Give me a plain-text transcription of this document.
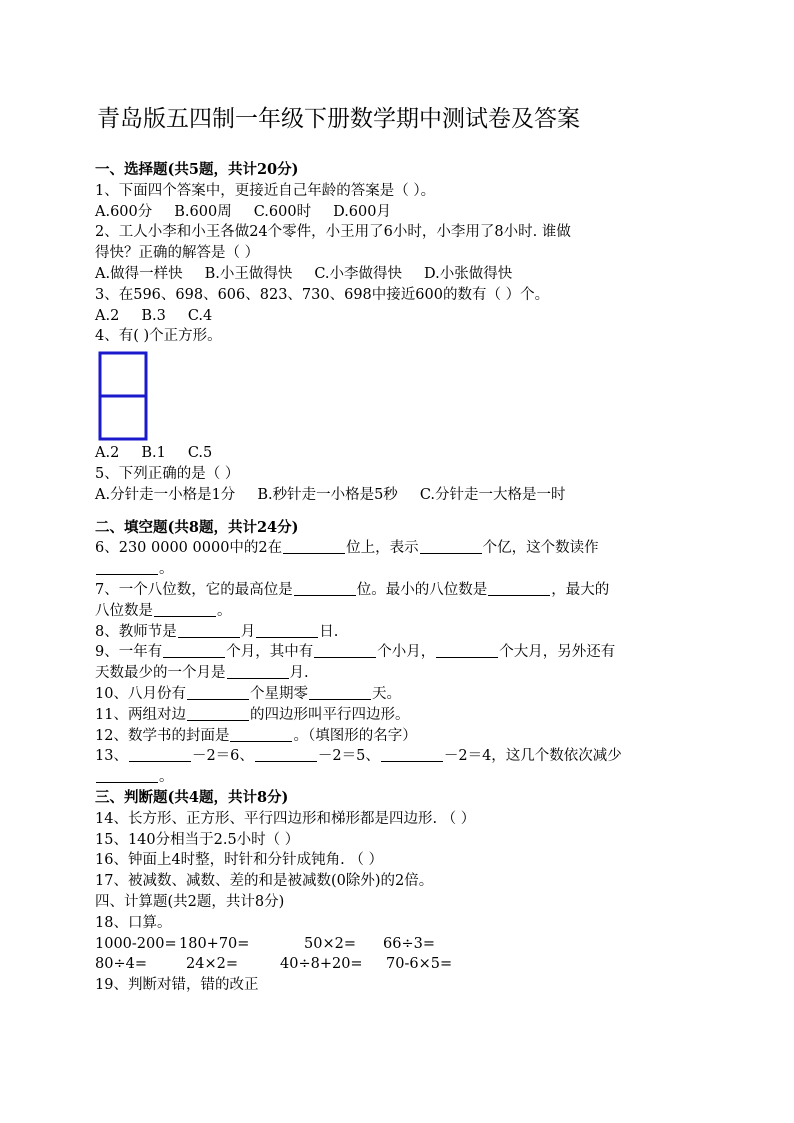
青岛版五四制一年级下册数学期中测试卷及答案
一、选择题(共5题，共计20分)
1、下面四个答案中，更接近自己年龄的答案是（ ）。
A.600分 B.600周 C.600时 D.600月
2、工人小李和小王各做24个零件，小王用了6小时，小李用了8小时. 谁做
得快？正确的解答是（ ）
A.做得一样快 B.小王做得快 C.小李做得快 D.小张做得快
3、在596、698、606、823、730、698中接近600的数有（ ）个。
A.2 B.3 C.4
4、有( )个正方形。
A.2 B.1 C.5
5、下列正确的是（ ）
A.分针走一小格是1分 B.秒针走一小格是5秒 C.分针走一大格是一时
二、填空题(共8题，共计24分)
6、230 0000 0000中的2在	位上，表示	个亿，这个数读作
。
7、一个八位数，它的最高位是	位。最小的八位数是	，最大的
八位数是	。
8、教师节是	月	日.
9、一年有	个月，其中有	个小月，	个大月，另外还有
天数最少的一个月是	月.
10、八月份有	个星期零	天。
11、两组对边	的四边形叫平行四边形。
12、数学书的封面是	。（填图形的名字）
13、	－2＝6、	－2＝5、	－2＝4，这几个数依次减少
。
三、判断题(共4题，共计8分)
14、长方形、正方形、平行四边形和梯形都是四边形. （ ）
15、140分相当于2.5小时（ ）
16、钟面上4时整，时针和分针成钝角. （ ）
17、被减数、减数、差的和是被减数(0除外)的2倍。
四、计算题(共2题，共计8分)
18、口算。
1000-200= 180+70=	50×2= 66÷3=
80÷4=	24×2=	40÷8+20= 70-6×5=
19、判断对错，错的改正
